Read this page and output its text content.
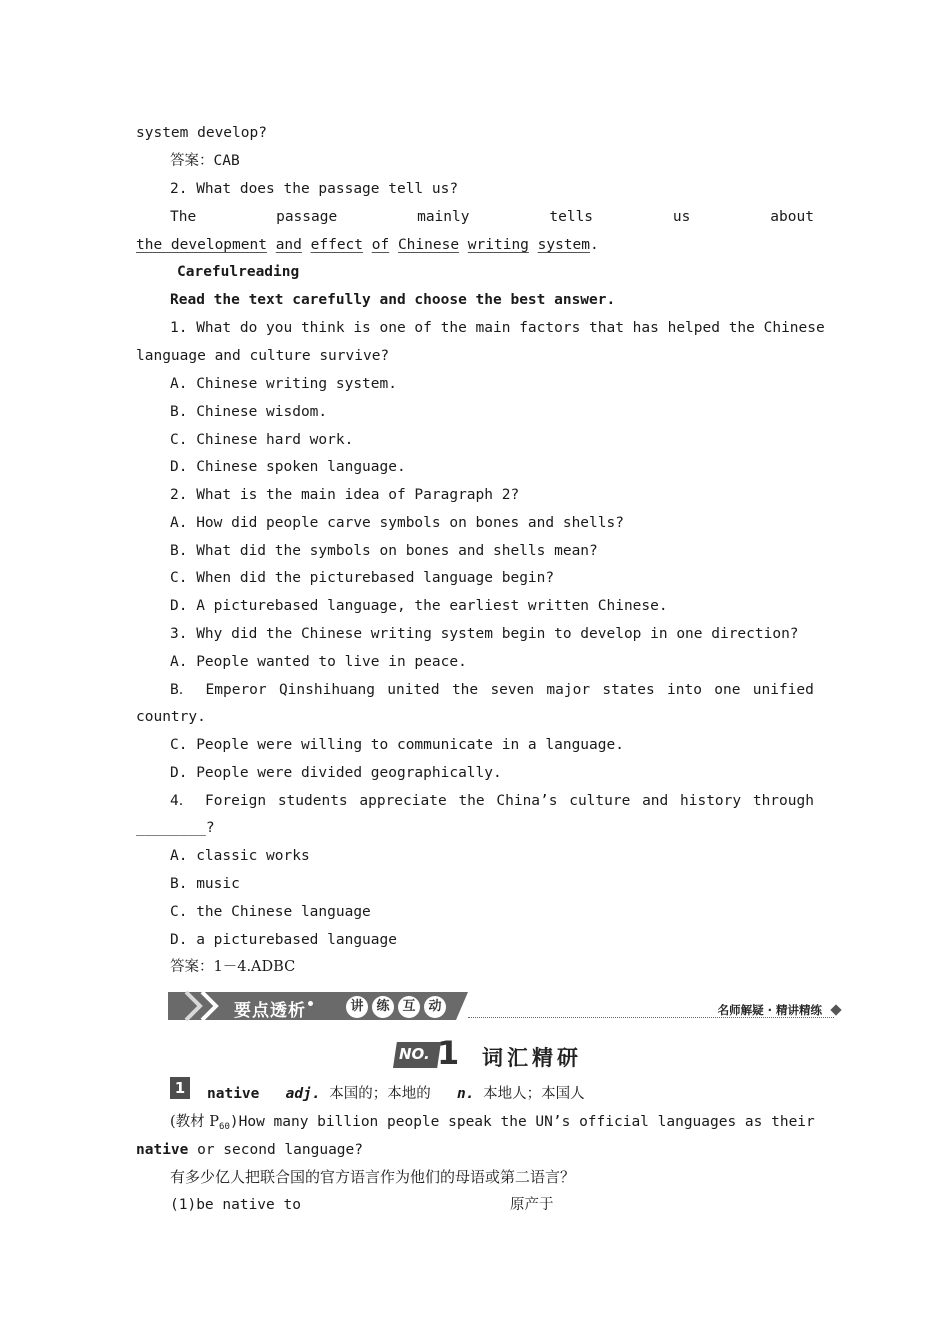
system develop?
答案：CAB
2. What does the passage tell us?
The	passage	mainly	tells	us	about
the development and effect of Chinese writing system.
Carefulreading
Read the text carefully and choose the best answer.
1. What do you think is one of the main factors that has helped the Chinese
language and culture survive?
A. Chinese writing system.
B. Chinese wisdom.
C. Chinese hard work.
D. Chinese spoken language.
2. What is the main idea of Paragraph 2?
A. How did people carve symbols on bones and shells?
B. What did the symbols on bones and shells mean?
C. When did the picturebased language begin?
D. A picturebased language, the earliest written Chinese.
3. Why did the Chinese writing system begin to develop in one direction?
A. People wanted to live in peace.
B． Emperor Qinshihuang united the seven major states into one unified
country.
C. People were willing to communicate in a language.
D. People were divided geographically.
4． Foreign students appreciate the China’s culture and history through
________?
A. classic works
B. music
C. the Chinese language
D. a picturebased language
答案：1－4.ADBC
要点透析	讲 练 互 动	名师解疑 · 精讲精练
NO. 1 词汇精研
1	native adj. 本国的；本地的 n. 本地人；本国人
(教材 $P_{60})How$ many billion people speak the UN’s official languages as their
native or second language?
有多少亿人把联合国的官方语言作为他们的母语或第二语言？
(1)be native to	原产于
